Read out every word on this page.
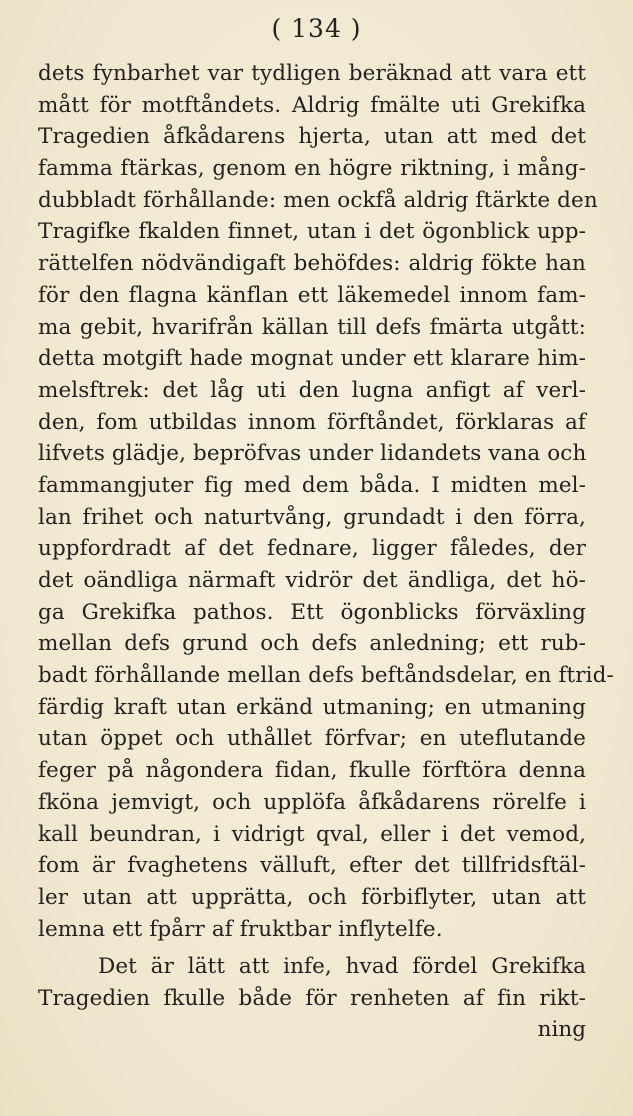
( 134 )
dets fynbarhet var tydligen beräknad att vara ett
mått för motftåndets. Aldrig fmälte uti Grekifka
Tragedien åfkådarens hjerta, utan att med det
famma ftärkas, genom en högre riktning, i mång-
dubbladt förhållande: men ockfå aldrig ftärkte den
Tragifke fkalden finnet, utan i det ögonblick upp-
rättelfen nödvändigaft behöfdes: aldrig fökte han
för den flagna känflan ett läkemedel innom fam-
ma gebit, hvarifrån källan till defs fmärta utgått:
detta motgift hade mognat under ett klarare him-
melsftrek: det låg uti den lugna anfigt af verl-
den, fom utbildas innom förftåndet, förklaras af
lifvets glädje, bepröfvas under lidandets vana och
fammangjuter fig med dem båda. I midten mel-
lan frihet och naturtvång, grundadt i den förra,
uppfordradt af det fednare, ligger fåledes, der
det oändliga närmaft vidrör det ändliga, det hö-
ga Grekifka pathos. Ett ögonblicks förväxling
mellan defs grund och defs anledning; ett rub-
badt förhållande mellan defs beftåndsdelar, en ftrid-
färdig kraft utan erkänd utmaning; en utmaning
utan öppet och uthållet förfvar; en uteflutande
feger på någondera fidan, fkulle förftöra denna
fköna jemvigt, och upplöfa åfkådarens rörelfe i
kall beundran, i vidrigt qval, eller i det vemod,
fom är fvaghetens välluft, efter det tillfridsftäl-
ler utan att upprätta, och förbiflyter, utan att
lemna ett fpårr af fruktbar inflytelfe.
Det är lätt att infe, hvad fördel Grekifka
Tragedien fkulle både för renheten af fin rikt-
ning
